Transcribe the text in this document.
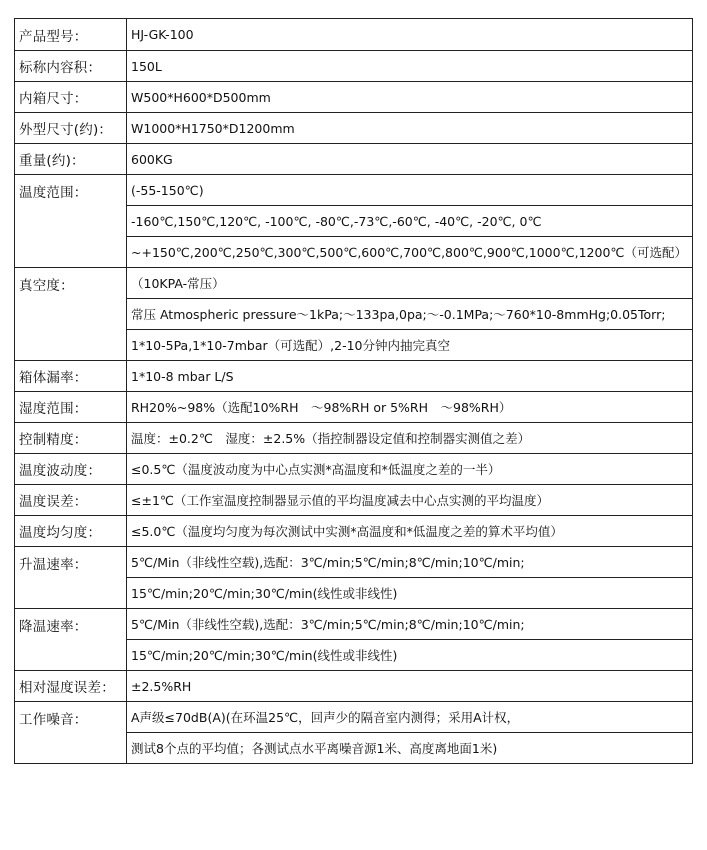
产品型号：	HJ-GK-100
标称内容积：	150L
内箱尺寸：	W500*H600*D500mm
外型尺寸(约)：	W1000*H1750*D1200mm
重量(约)：	600KG
温度范围：	(-55-150℃)
	-160℃,150℃,120℃, -100℃, -80℃,-73℃,-60℃, -40℃, -20℃, 0℃
	~+150℃,200℃,250℃,300℃,500℃,600℃,700℃,800℃,900℃,1000℃,1200℃（可选配）
真空度：	（10KPA-常压）
	常压 Atmospheric pressure～1kPa;～133pa,0pa;～-0.1MPa;～760*10-8mmHg;0.05Torr;
	1*10-5Pa,1*10-7mbar（可选配）,2-10分钟内抽完真空
箱体漏率：	1*10-8 mbar L/S
湿度范围：	RH20%~98%（选配10%RH　～98%RH or 5%RH　～98%RH）
控制精度：	温度：±0.2℃　湿度：±2.5%（指控制器设定值和控制器实测值之差）
温度波动度：	≤0.5℃（温度波动度为中心点实测*高温度和*低温度之差的一半）
温度误差：	≤±1℃（工作室温度控制器显示值的平均温度减去中心点实测的平均温度）
温度均匀度：	≤5.0℃（温度均匀度为每次测试中实测*高温度和*低温度之差的算术平均值）
升温速率：	5℃/Min（非线性空载),选配：3℃/min;5℃/min;8℃/min;10℃/min;
	15℃/min;20℃/min;30℃/min(线性或非线性)
降温速率：	5℃/Min（非线性空载),选配：3℃/min;5℃/min;8℃/min;10℃/min;
	15℃/min;20℃/min;30℃/min(线性或非线性)
相对湿度误差：	±2.5%RH
工作噪音：	A声级≤70dB(A)(在环温25℃，回声少的隔音室内测得；采用A计权，
	测试8个点的平均值；各测试点水平离噪音源1米、高度离地面1米)
